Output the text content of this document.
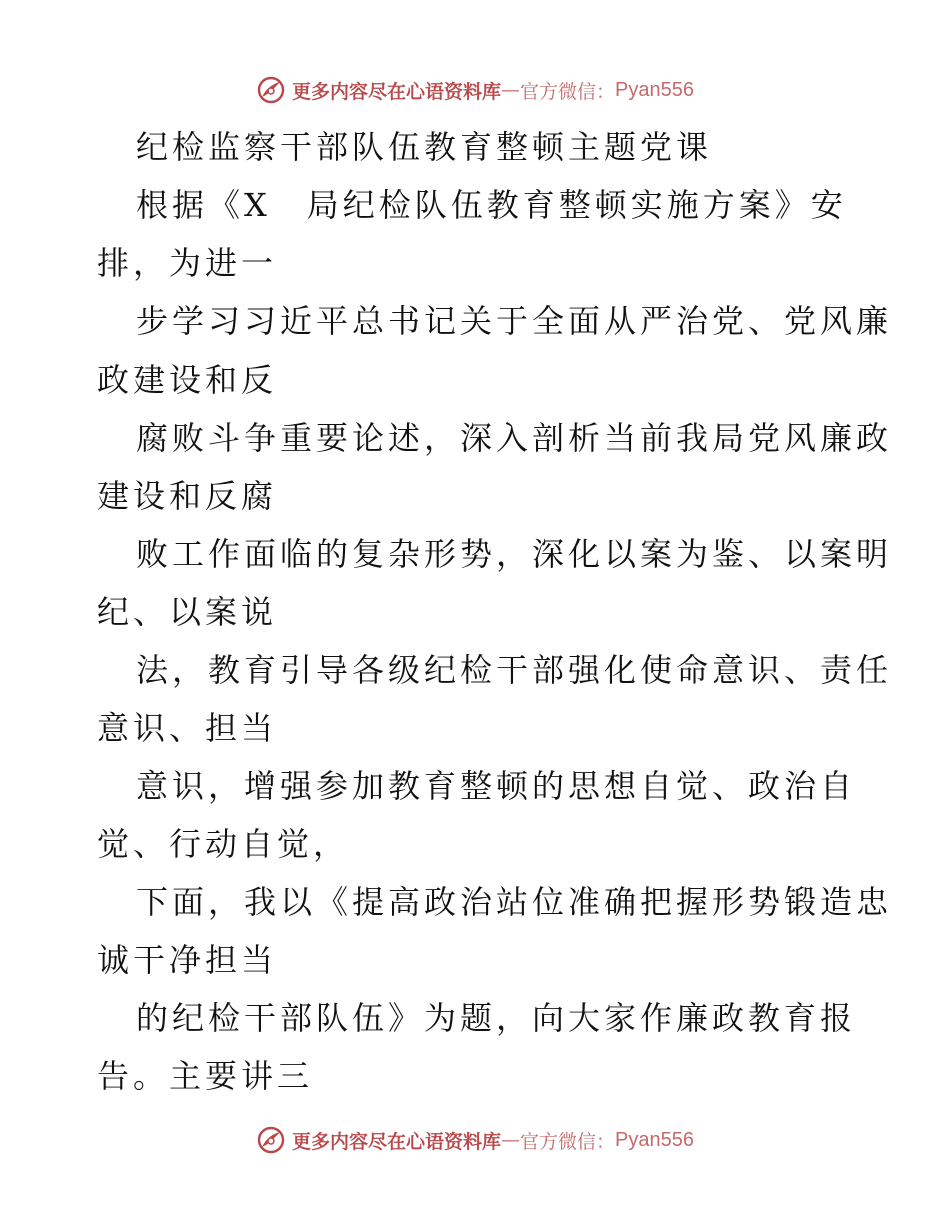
更多内容尽在心语资料库 — 官方微信： Pyan556
纪检监察干部队伍教育整顿主题党课
根据《X　局纪检队伍教育整顿实施方案》安
排，为进一
步学习习近平总书记关于全面从严治党、党风廉
政建设和反
腐败斗争重要论述，深入剖析当前我局党风廉政
建设和反腐
败工作面临的复杂形势，深化以案为鉴、以案明
纪、以案说
法，教育引导各级纪检干部强化使命意识、责任
意识、担当
意识，增强参加教育整顿的思想自觉、政治自
觉、行动自觉，
下面，我以《提高政治站位准确把握形势锻造忠
诚干净担当
的纪检干部队伍》为题，向大家作廉政教育报
告。主要讲三
更多内容尽在心语资料库 — 官方微信： Pyan556
